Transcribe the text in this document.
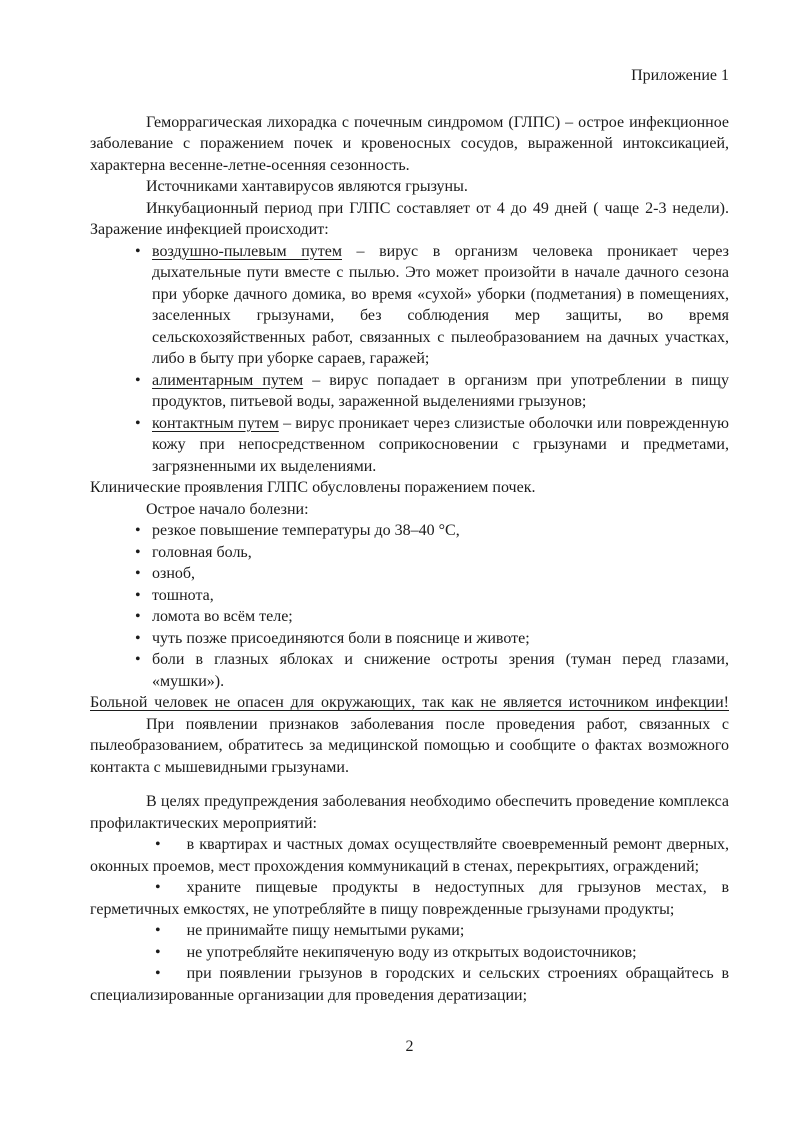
Приложение 1

Геморрагическая лихорадка с почечным синдромом (ГЛПС) – острое инфекционное заболевание с поражением почек и кровеносных сосудов, выраженной интоксикацией, характерна весенне-летне-осенняя сезонность.

Источниками хантавирусов являются грызуны.

Инкубационный период при ГЛПС составляет от 4 до 49 дней ( чаще 2-3 недели). Заражение инфекцией происходит:

• воздушно-пылевым путем – вирус в организм человека проникает через дыхательные пути вместе с пылью. Это может произойти в начале дачного сезона при уборке дачного домика, во время «сухой» уборки (подметания) в помещениях, заселенных грызунами, без соблюдения мер защиты, во время сельскохозяйственных работ, связанных с пылеобразованием на дачных участках, либо в быту при уборке сараев, гаражей;
• алиментарным путем – вирус попадает в организм при употреблении в пищу продуктов, питьевой воды, зараженной выделениями грызунов;
• контактным путем – вирус проникает через слизистые оболочки или поврежденную кожу при непосредственном соприкосновении с грызунами и предметами, загрязненными их выделениями.

Клинические проявления ГЛПС обусловлены поражением почек.

Острое начало болезни:

• резкое повышение температуры до 38–40 °С,
• головная боль,
• озноб,
• тошнота,
• ломота во всём теле;
• чуть позже присоединяются боли в пояснице и животе;
• боли в глазных яблоках и снижение остроты зрения (туман перед глазами, «мушки»).

Больной человек не опасен для окружающих, так как не является источником инфекции!

При появлении признаков заболевания после проведения работ, связанных с пылеобразованием, обратитесь за медицинской помощью и сообщите о фактах возможного контакта с мышевидными грызунами.

В целях предупреждения заболевания необходимо обеспечить проведение комплекса профилактических мероприятий:

• в квартирах и частных домах осуществляйте своевременный ремонт дверных, оконных проемов, мест прохождения коммуникаций в стенах, перекрытиях, ограждений;

• храните пищевые продукты в недоступных для грызунов местах, в герметичных емкостях, не употребляйте в пищу поврежденные грызунами продукты;

• не принимайте пищу немытыми руками;

• не употребляйте некипяченую воду из открытых водоисточников;

• при появлении грызунов в городских и сельских строениях обращайтесь в специализированные организации для проведения дератизации;

2
